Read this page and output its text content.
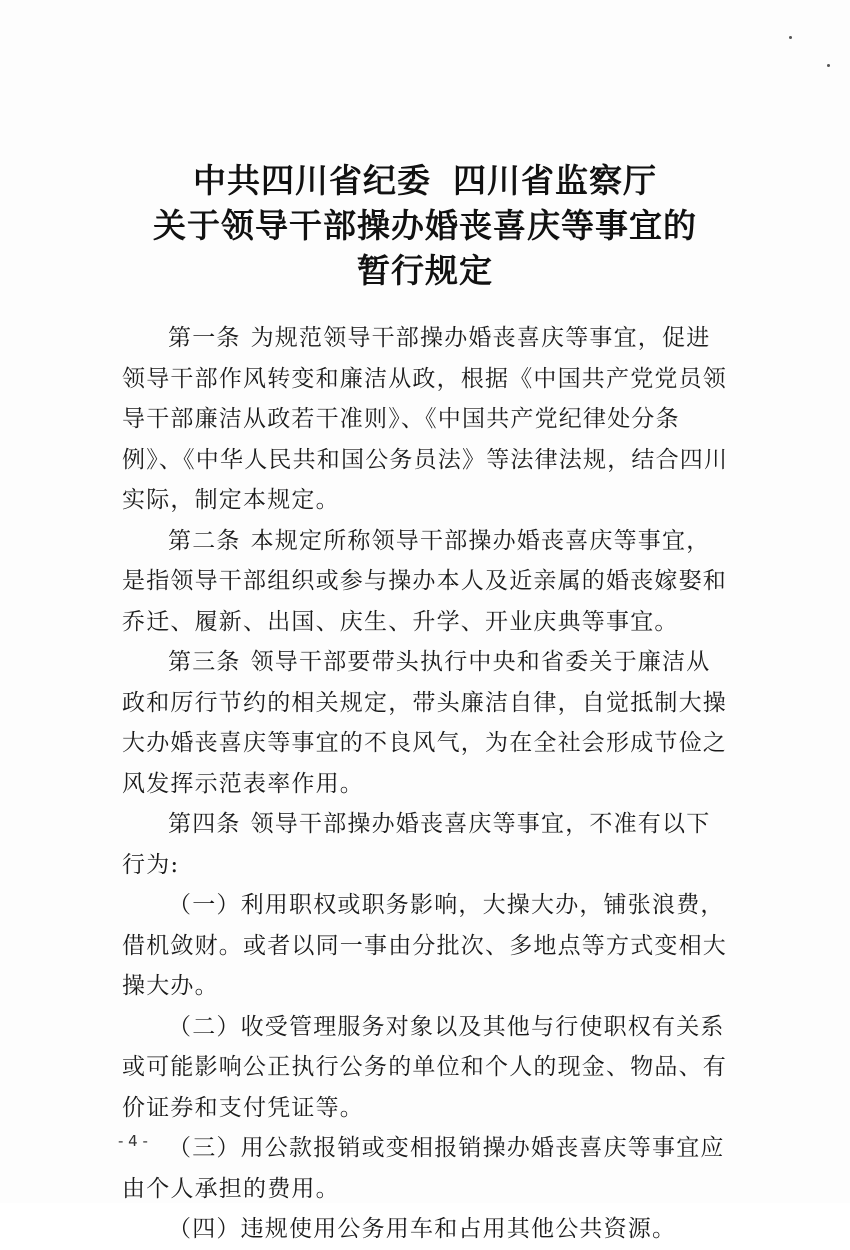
中共四川省纪委 四川省监察厅
关于领导干部操办婚丧喜庆等事宜的
暂行规定

第一条 为规范领导干部操办婚丧喜庆等事宜，促进领导干部作风转变和廉洁从政，根据《中国共产党党员领导干部廉洁从政若干准则》、《中国共产党纪律处分条例》、《中华人民共和国公务员法》等法律法规，结合四川实际，制定本规定。

第二条 本规定所称领导干部操办婚丧喜庆等事宜，是指领导干部组织或参与操办本人及近亲属的婚丧嫁娶和乔迁、履新、出国、庆生、升学、开业庆典等事宜。

第三条 领导干部要带头执行中央和省委关于廉洁从政和厉行节约的相关规定，带头廉洁自律，自觉抵制大操大办婚丧喜庆等事宜的不良风气，为在全社会形成节俭之风发挥示范表率作用。

第四条 领导干部操办婚丧喜庆等事宜，不准有以下行为:

（一）利用职权或职务影响，大操大办，铺张浪费，借机敛财。或者以同一事由分批次、多地点等方式变相大操大办。

（二）收受管理服务对象以及其他与行使职权有关系或可能影响公正执行公务的单位和个人的现金、物品、有价证券和支付凭证等。

（三）用公款报销或变相报销操办婚丧喜庆等事宜应由个人承担的费用。

（四）违规使用公务用车和占用其他公共资源。

- 4 -
